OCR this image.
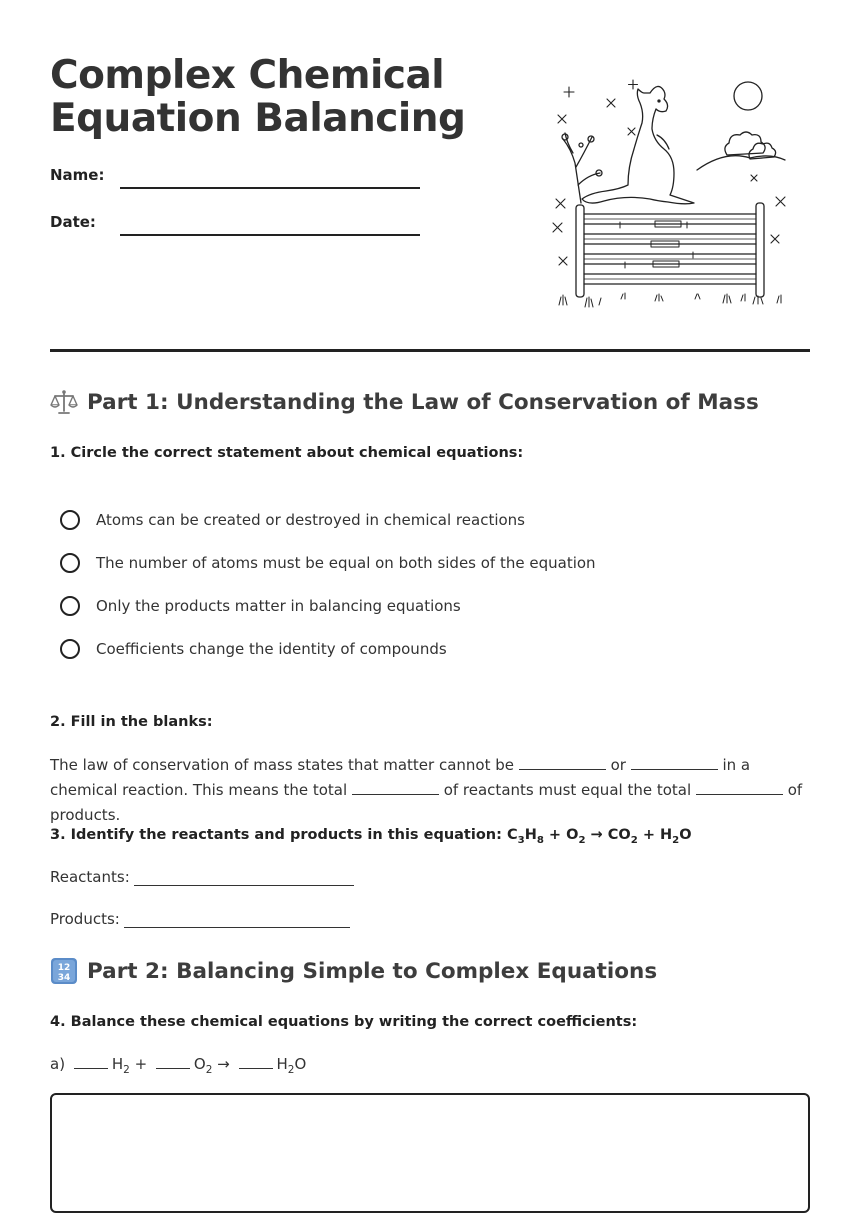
Complex Chemical
Equation Balancing
Name:
Date:
Part 1: Understanding the Law of Conservation of Mass
1. Circle the correct statement about chemical equations:
Atoms can be created or destroyed in chemical reactions
The number of atoms must be equal on both sides of the equation
Only the products matter in balancing equations
Coefficients change the identity of compounds
2. Fill in the blanks:

The law of conservation of mass states that matter cannot be	or	in a chemical reaction. This means the total	of reactants must equal the total	of products.

3. Identify the reactants and products in this equation: $C_3H_8 + O_2 \to CO_2 + H_2O$
Reactants:
Products:
12
34 Part 2: Balancing Simple to Complex Equations
4. Balance these chemical equations by writing the correct coefficients:
a)	$H_2$ +	$O_2$ →	$H_2O$
